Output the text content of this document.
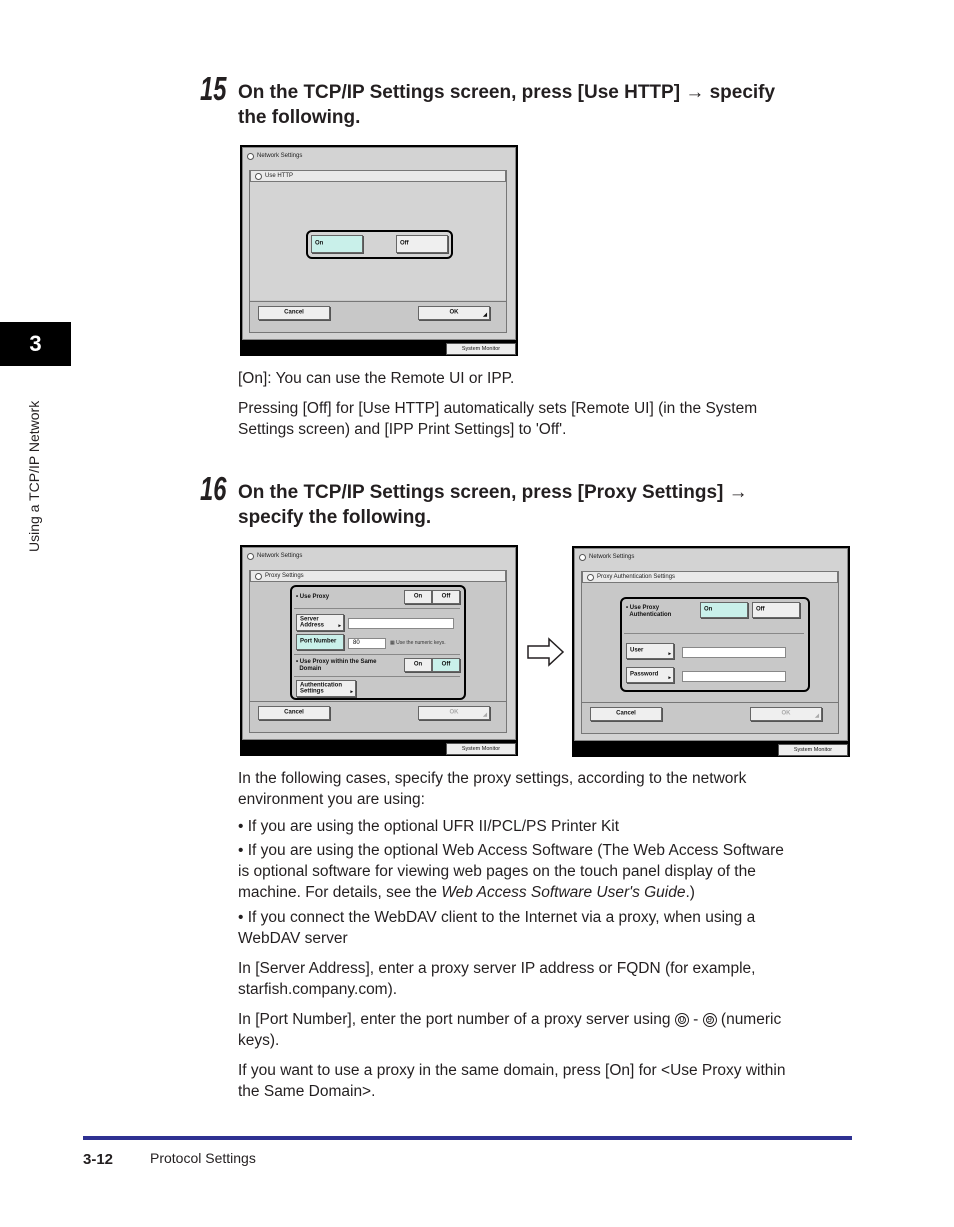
3
Using a TCP/IP Network
15 On the TCP/IP Settings screen, press [Use HTTP] → specify
the following.
Network Settings
Use HTTP
On	Off
Cancel	OK	◢
System Monitor
[On]: You can use the Remote UI or IPP.
Pressing [Off] for [Use HTTP] automatically sets [Remote UI] (in the System
Settings screen) and [IPP Print Settings] to 'Off'.
16 On the TCP/IP Settings screen, press [Proxy Settings] →
specify the following.
Network Settings
Proxy Settings
• Use Proxy	On	Off
Server
Address	▸
Port Number	80	▦ Use the numeric keys.
• Use Proxy within the Same
Domain
On	Off
Authentication
Settings	▸
Cancel	OK	◢
System Monitor
Network Settings
Proxy Authentication Settings
• Use Proxy
Authentication
On	Off
User	▸
Password	▸
Cancel	OK	◢
System Monitor
In the following cases, specify the proxy settings, according to the network
environment you are using:
• If you are using the optional UFR II/PCL/PS Printer Kit
• If you are using the optional Web Access Software (The Web Access Software
is optional software for viewing web pages on the touch panel display of the
machine. For details, see the Web Access Software User's Guide.)
• If you connect the WebDAV client to the Internet via a proxy, when using a
WebDAV server
In [Server Address], enter a proxy server IP address or FQDN (for example,
starfish.company.com).
In [Port Number], enter the port number of a proxy server using 0 - 9 (numeric
keys).
If you want to use a proxy in the same domain, press [On] for <Use Proxy within
the Same Domain>.
3-12	Protocol Settings
